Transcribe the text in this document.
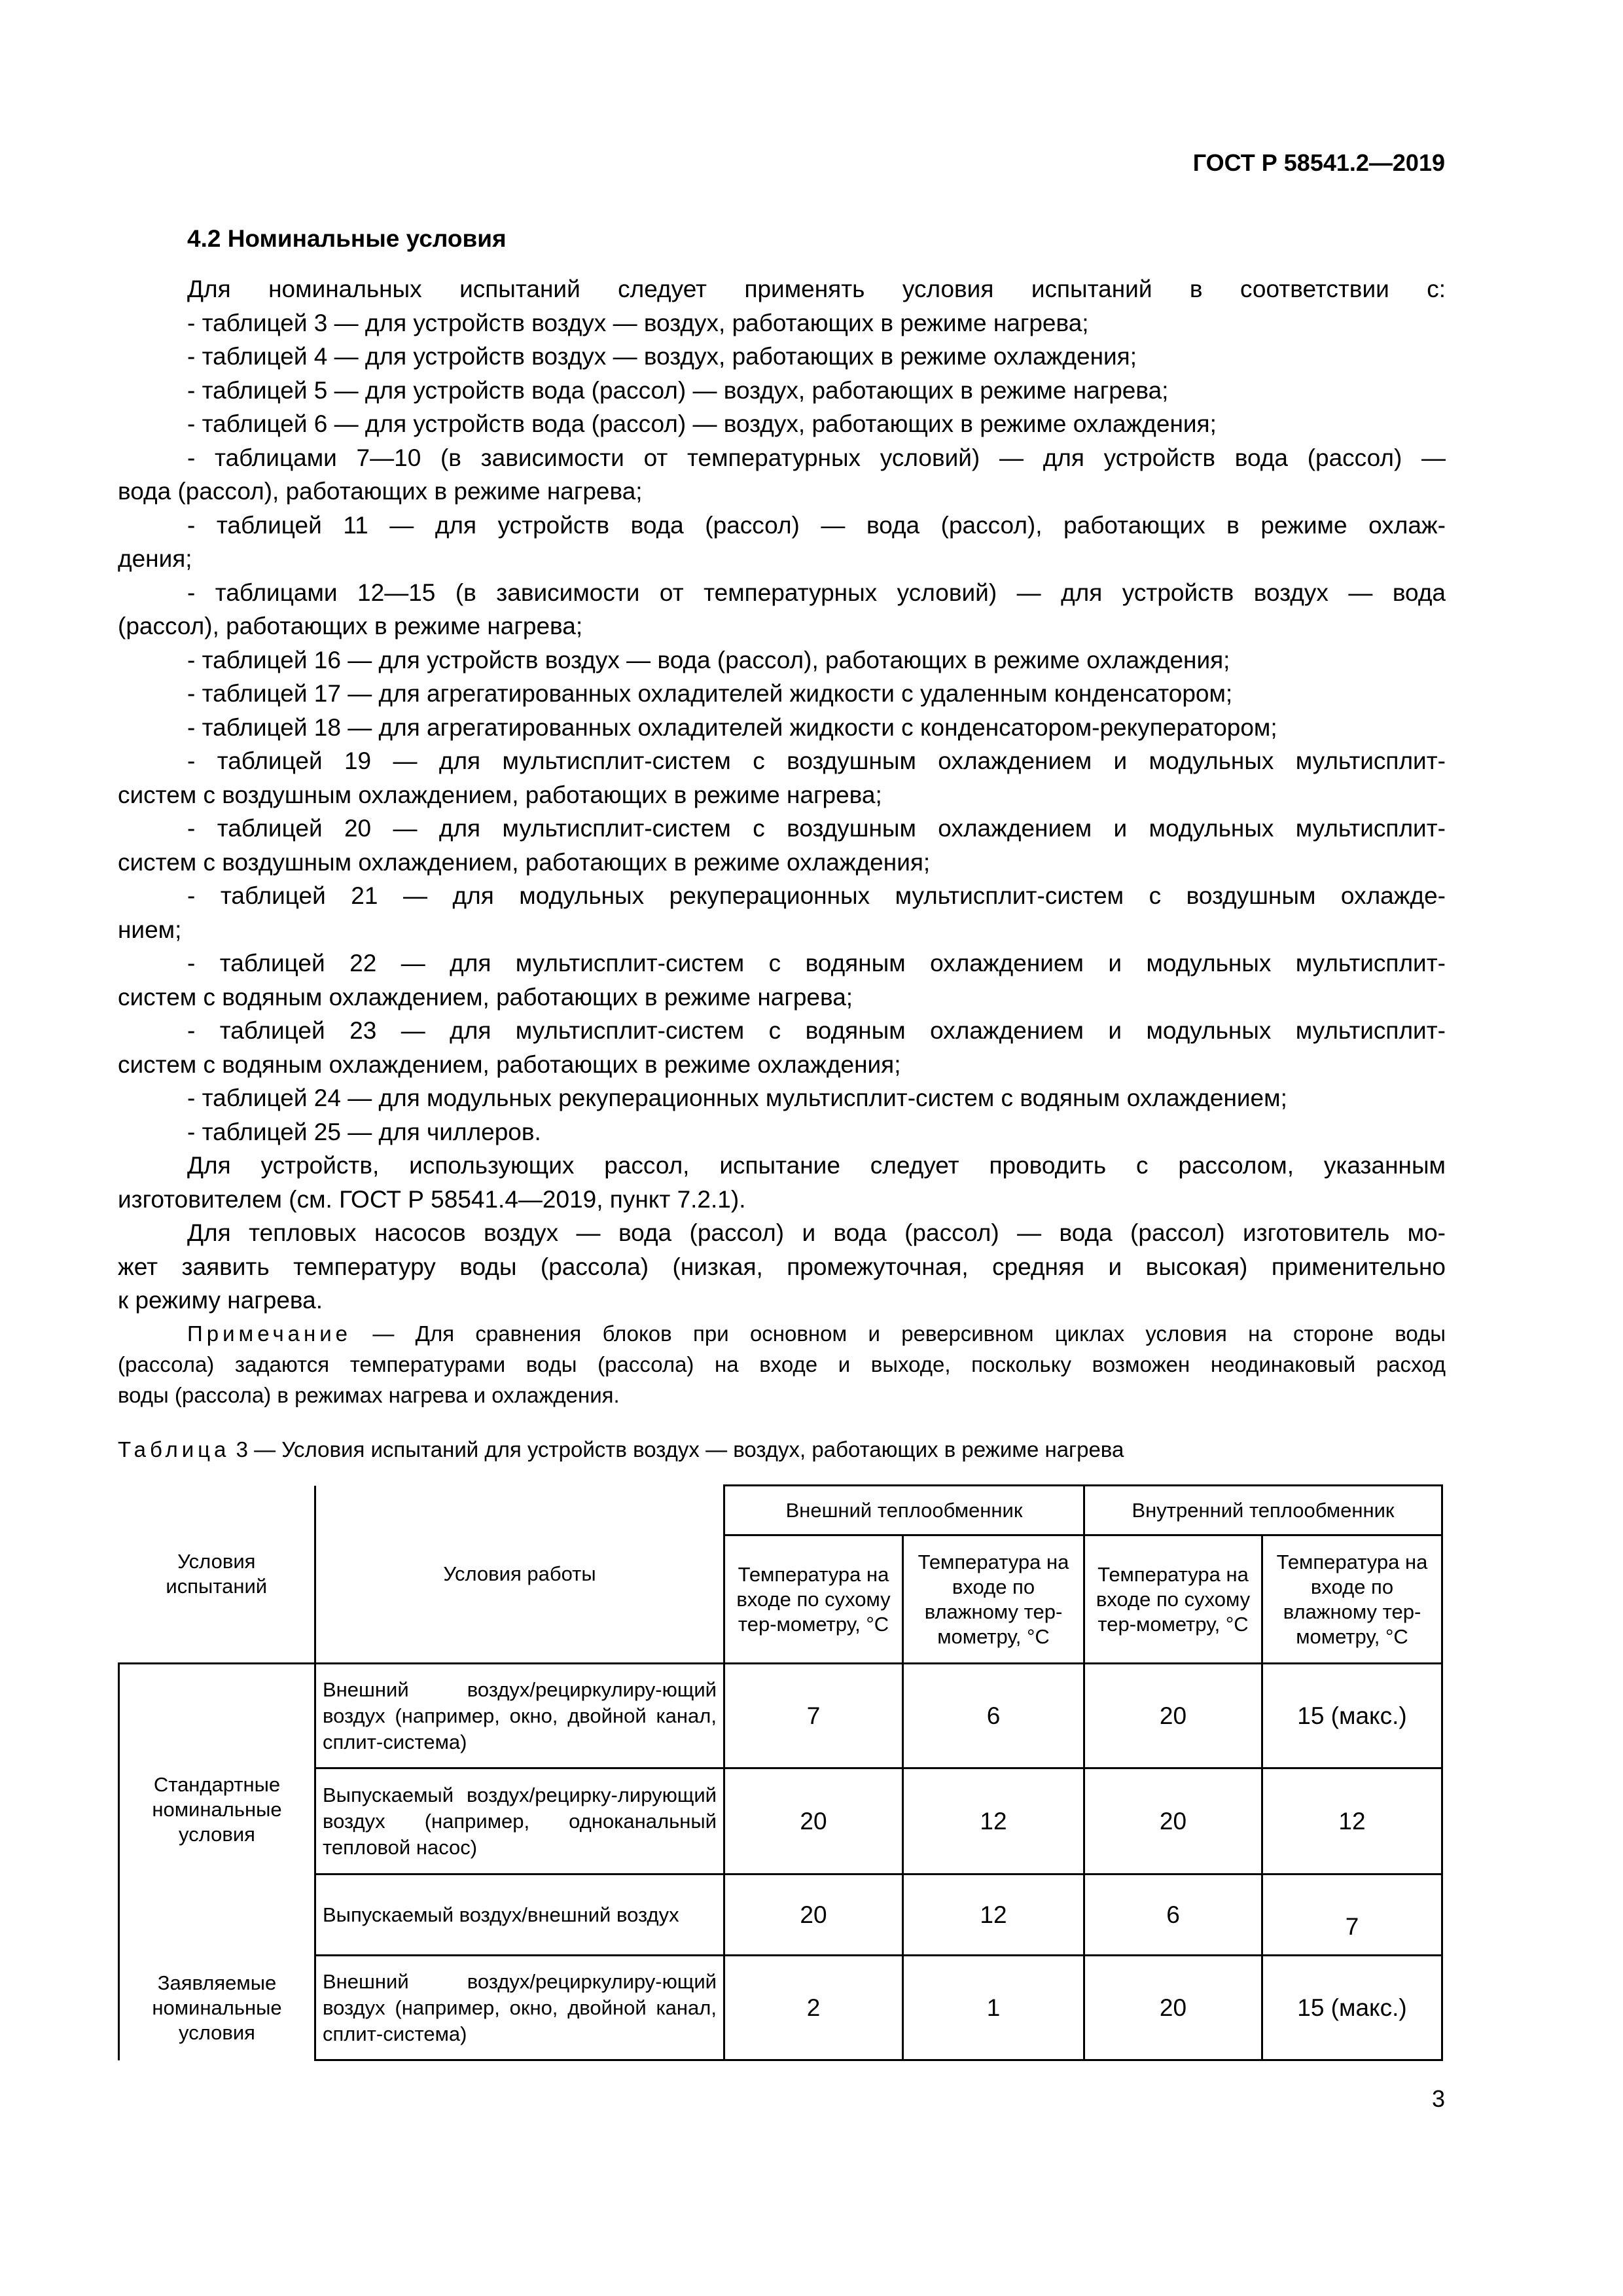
ГОСТ Р 58541.2—2019
4.2 Номинальные условия
Для номинальных испытаний следует применять условия испытаний в соответствии с:
- таблицей 3 — для устройств воздух — воздух, работающих в режиме нагрева;
- таблицей 4 — для устройств воздух — воздух, работающих в режиме охлаждения;
- таблицей 5 — для устройств вода (рассол) — воздух, работающих в режиме нагрева;
- таблицей 6 — для устройств вода (рассол) — воздух, работающих в режиме охлаждения;
- таблицами 7—10 (в зависимости от температурных условий) — для устройств вода (рассол) —
вода (рассол), работающих в режиме нагрева;
- таблицей 11 — для устройств вода (рассол) — вода (рассол), работающих в режиме охлаж-
дения;
- таблицами 12—15 (в зависимости от температурных условий) — для устройств воздух — вода
(рассол), работающих в режиме нагрева;
- таблицей 16 — для устройств воздух — вода (рассол), работающих в режиме охлаждения;
- таблицей 17 — для агрегатированных охладителей жидкости с удаленным конденсатором;
- таблицей 18 — для агрегатированных охладителей жидкости с конденсатором-рекуператором;
- таблицей 19 — для мультисплит-систем с воздушным охлаждением и модульных мультисплит-
систем с воздушным охлаждением, работающих в режиме нагрева;
- таблицей 20 — для мультисплит-систем с воздушным охлаждением и модульных мультисплит-
систем с воздушным охлаждением, работающих в режиме охлаждения;
- таблицей 21 — для модульных рекуперационных мультисплит-систем с воздушным охлажде-
нием;
- таблицей 22 — для мультисплит-систем с водяным охлаждением и модульных мультисплит-
систем с водяным охлаждением, работающих в режиме нагрева;
- таблицей 23 — для мультисплит-систем с водяным охлаждением и модульных мультисплит-
систем с водяным охлаждением, работающих в режиме охлаждения;
- таблицей 24 — для модульных рекуперационных мультисплит-систем с водяным охлаждением;
- таблицей 25 — для чиллеров.
Для устройств, использующих рассол, испытание следует проводить с рассолом, указанным
изготовителем (см. ГОСТ Р 58541.4—2019, пункт 7.2.1).
Для тепловых насосов воздух — вода (рассол) и вода (рассол) — вода (рассол) изготовитель мо-
жет заявить температуру воды (рассола) (низкая, промежуточная, средняя и высокая) применительно
к режиму нагрева.
Примечание — Для сравнения блоков при основном и реверсивном циклах условия на стороне воды
(рассола) задаются температурами воды (рассола) на входе и выходе, поскольку возможен неодинаковый расход
воды (рассола) в режимах нагрева и охлаждения.
Таблица 3 — Условия испытаний для устройств воздух — воздух, работающих в режиме нагрева
Условия испытаний	Условия работы	Внешний теплообменник		Внутренний теплообменник	
		Температура на входе по сухому тер-мометру, °C	Температура на входе по влажному тер-мометру, °C	Температура на входе по сухому тер-мометру, °C	Температура на входе по влажному тер-мометру, °C
Стандартные номинальные условия	Внешний воздух/рециркулиру-ющий воздух (например, окно, двойной канал, сплит-система)	7	6	20	15 (макс.)
	Выпускаемый воздух/рецирку-лирующий воздух (например, одноканальный тепловой насос)	20	12	20	12
	Выпускаемый воздух/внешний воздух	20	12	6	7
Заявляемые номинальные условия	Внешний воздух/рециркулиру-ющий воздух (например, окно, двойной канал, сплит-система)	2	1	20	15 (макс.)
3
